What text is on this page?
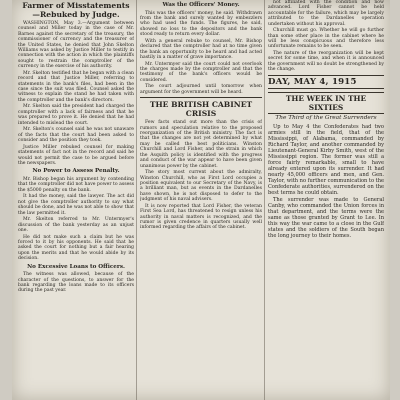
Farmer of Misstatements —Rebuked by Judge.

WASHINGTON, May 3.—Argument between counsel and Miller today in the case of Mr. Barnes against the secretary of the treasury, the commissioner of currency and the treasurer of the United States, he denied that John Skelton Williams was asked by Justice Miller to testify in connection with the action in which the plaintiffs sought to restrain the comptroller of the currency in the exercise of his authority.

Mr. Skelton testified that he began with a clean record and that Justice Miller, referring to statements in the bank's files, had been in the case since the suit was filed. Counsel asked the witness to explain the stand he had taken with the comptroller and the bank's directors.

Mr. Skelton said the president had charged the comptroller with a lack of fairness and that he was prepared to prove it. He denied that he had intended to mislead the court.

Mr. Skelton's counsel said he was not unaware of the facts that the court had been asked to consider and the position they took.

Justice Miller rebuked counsel for making statements of fact not in the record and said he would not permit the case to be argued before the newspapers.

No Power to Assess Penalty.

Mr. Bishop began his argument by contending that the comptroller did not have power to assess the $5000 penalty on the bank.

It had the money, said the lawyer. The act did not give the comptroller authority to say what should be done, and he was not able to show that the law permitted it.

Mr. Skelton referred to Mr. Untermyer's discussion of the bank yesterday as an unjust one.

He did not make such a claim but he was forced to it by his opponents. He said that he asked the court for nothing but a fair hearing upon the merits and that he would abide by its decision.

No Excessive Loans to Officers.

The witness was allowed, because of the character of the questions, to answer for the bank regarding the loans made to its officers during the past year.

Was the Officers' Money.

This was the officers' money, he said. Withdrawn from the bank and surely wanted by embezzlers who had used the funds. The figures, he said, showed no loss to the depositors and the bank stood ready to return every dollar.

With a general rebuke to counsel, Mr. Bishop declared that the comptroller had at no time given the bank an opportunity to be heard and had acted hastily in a matter of grave importance.

Mr. Untermyer said the court could not overlook the charges made by the comptroller and that the testimony of the bank's officers would be considered.

The court adjourned until tomorrow when argument for the government will be heard.

THE BRITISH CABINET CRISIS

Few facts stand out more than the crisis of rumors and speculation relative to the proposed reorganization of the British ministry. The fact is that the changes are not yet determined by what may be called the best politicians. Winston Churchill and Lord Fisher, and the strain in which the Asquith policy is identified with the progress and conduct of the war appear to have been given unanimous power by the cabinet.

The story most current about the admiralty, Winston Churchill, who as First Lord occupies a position equivalent to our Secretary of the Navy, is a brilliant man, but as events in the Dardanelles have shown, he is not disposed to defer to the judgment of his naval advisers.

It is now reported that Lord Fisher, the veteran First Sea Lord, has threatened to resign unless his authority in naval matters is recognized, and the rumor is given credence in quarters usually well informed regarding the affairs of the cabinet.

not affiliated with the condition and now advanced. Lord Fisher cannot be held accountable for the failure, which may be largely attributed to the Dardanelles operation undertaken without his approval.

Churchill must go. Whether he will go further than some other place in the cabinet where he will be less conspicuous and therefore less unfortunate remains to be seen.

The nature of the reorganization will be kept secret for some time, and when it is announced the government will no doubt be strengthened by the change.

DAY, MAY 4, 1915
THE WEEK IN THE SIXTIES
The Third of the Great Surrenders

Up to May 4 the Confederates had two armies still in the field, that of the Mississippi, of Alabama, commanded by Richard Taylor, and another commanded by Lieutenant-General Kirby Smith, west of the Mississippi region. The former was still a force fairly remarkable, small to have already entered upon its surrender. It had nearly 45,000 officers and men, and Gen. Taylor, with no further communication to the Confederate authorities, surrendered on the best terms he could obtain.

The surrender was made to General Canby, who commanded the Union forces in that department, and the terms were the same as those granted by Grant to Lee. In this way the war came to a close in the Gulf states and the soldiers of the South began the long journey to their homes.
